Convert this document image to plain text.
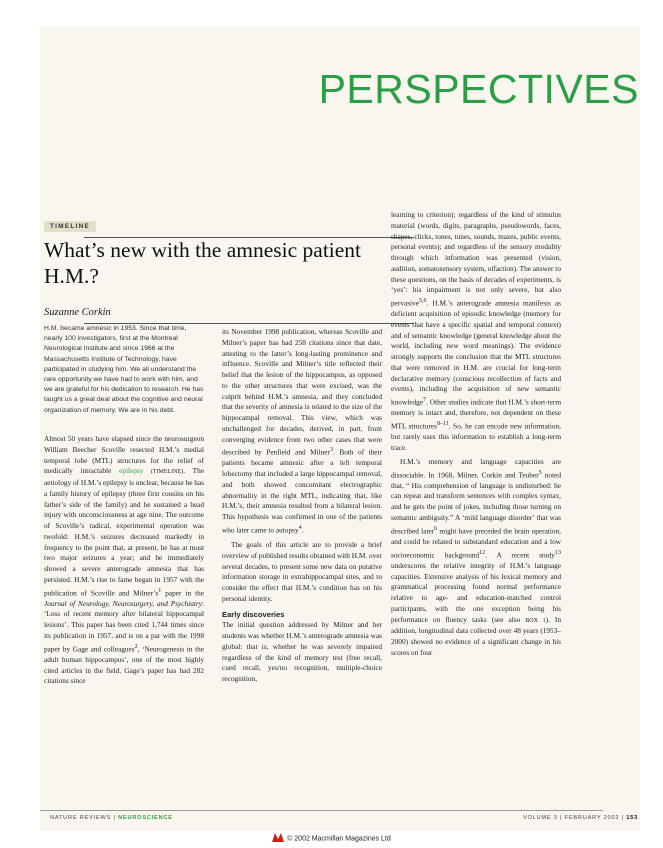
PERSPECTIVES
TIMELINE
What’s new with the amnesic patient H.M.?
Suzanne Corkin

H.M. became amnesic in 1953. Since that time, nearly 100 investigators, first at the Montreal Neurological Institute and since 1966 at the Massachusetts Institute of Technology, have participated in studying him. We all understand the rare opportunity we have had to work with him, and we are grateful for his dedication to research. He has taught us a great deal about the cognitive and neural organization of memory. We are in his debt.

Almost 50 years have elapsed since the neurosurgeon William Beecher Scoville resected H.M.’s medial temporal lobe (MTL) structures for the relief of medically intractable epilepsy (TIMELINE). The aetiology of H.M.’s epilepsy is unclear, because he has a family history of epilepsy (three first cousins on his father’s side of the family) and he sustained a head injury with unconsciousness at age nine. The outcome of Scoville’s radical, experimental operation was twofold: H.M.’s seizures decreased markedly in frequency to the point that, at present, he has at most two major seizures a year; and he immediately showed a severe anterograde amnesia that has persisted. H.M.’s rise to fame began in 1957 with the publication of Scoville and $Milner’s^1$ paper in the Journal of Neurology, Neurosurgery, and Psychiatry: ‘Loss of recent memory after bilateral hippocampal lesions’. This paper has been cited 1,744 times since its publication in 1957, and is on a par with the 1998 paper by Gage and colleagues$^2$, ‘Neurogenesis in the adult human hippocampus’, one of the most highly cited articles in the field. Gage’s paper has had 282 citations since

its November 1998 publication, whereas Scoville and Milner’s paper has had 258 citations since that date, attesting to the latter’s long-lasting prominence and influence. Scoville and Milner’s title reflected their belief that the lesion of the hippocampus, as opposed to the other structures that were excised, was the culprit behind H.M.’s amnesia, and they concluded that the severity of amnesia is related to the size of the hippocampal removal. This view, which was unchallenged for decades, derived, in part, from converging evidence from two other cases that were described by Penfield and Milner$^3$. Both of their patients became amnesic after a left temporal lobectomy that included a large hippocampal removal, and both showed concomitant electrographic abnormality in the right MTL, indicating that, like H.M.’s, their amnesia resulted from a bilateral lesion. This hypothesis was confirmed in one of the patients who later came to autopsy$^4$.

The goals of this article are to provide a brief overview of published results obtained with H.M. over several decades, to present some new data on putative information storage in extrahippocampal sites, and to consider the effect that H.M.’s condition has on his personal identity.

Early discoveries

The initial question addressed by Milner and her students was whether H.M.’s anterograde amnesia was global: that is, whether he was severely impaired regardless of the kind of memory test (free recall, cued recall, yes/no recognition, multiple-choice recognition,

learning to criterion); regardless of the kind of stimulus material (words, digits, paragraphs, pseudowords, faces, shapes, clicks, tones, tunes, sounds, mazes, public events, personal events); and regardless of the sensory modality through which information was presented (vision, audition, somatosensory system, olfaction). The answer to these questions, on the basis of decades of experiments, is ‘yes’: his impairment is not only severe, but also pervasive$^{5,6}$. H.M.’s anterograde amnesia manifests as deficient acquisition of episodic knowledge (memory for events that have a specific spatial and temporal context) and of semantic knowledge (general knowledge about the world, including new word meanings). The evidence strongly supports the conclusion that the MTL structures that were removed in H.M. are crucial for long-term declarative memory (conscious recollection of facts and events), including the acquisition of new semantic knowledge$^7$. Other studies indicate that H.M.’s short-term memory is intact and, therefore, not dependent on these MTL structures$^{8-11}$. So, he can encode new information, but rarely uses this information to establish a long-term trace.

H.M.’s memory and language capacities are dissociable. In 1968, Milner, Corkin and Teuber$^5$ noted that, “ His comprehension of language is undisturbed: he can repeat and transform sentences with complex syntax, and he gets the point of jokes, including those turning on semantic ambiguity.” A ‘mild language disorder’ that was described later$^6$ might have preceded the brain operation, and could be related to substandard education and a low socioeconomic background$^{12}$. A recent study$^{13}$ underscores the relative integrity of H.M.’s language capacities. Extensive analysis of his lexical memory and grammatical processing found normal performance relative to age- and education-matched control participants, with the one exception being his performance on fluency tasks (see also BOX 1). In addition, longitudinal data collected over 48 years (1953–2000) showed no evidence of a significant change in his scores on four

NATURE REVIEWS | NEUROSCIENCE	VOLUME 3 | FEBRUARY 2002 | 153
© 2002 Macmillan Magazines Ltd
